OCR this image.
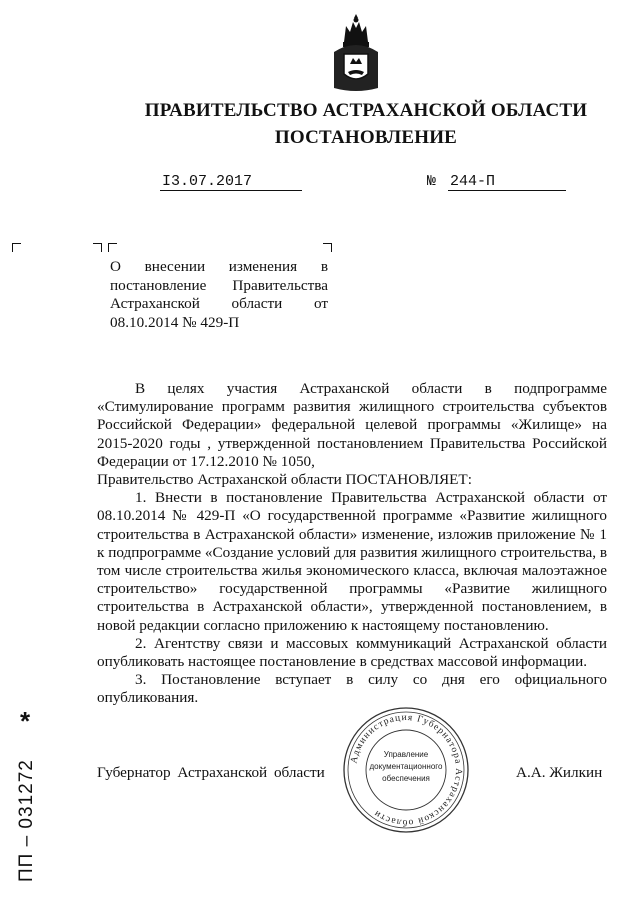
ПРАВИТЕЛЬСТВО АСТРАХАНСКОЙ ОБЛАСТИ
ПОСТАНОВЛЕНИЕ
I3.07.2017	№ 244-П
О внесении изменения в
постановление Правительства
Астраханской области от
08.10.2014 № 429-П

В целях участия Астраханской области в подпрограмме «Стимулирование программ развития жилищного строительства субъектов Российской Федерации» федеральной целевой программы «Жилище» на 2015-2020 годы , утвержденной постановлением Правительства Российской Федерации от 17.12.2010 № 1050,

Правительство Астраханской области ПОСТАНОВЛЯЕТ:

1. Внести в постановление Правительства Астраханской области от 08.10.2014 № 429-П «О государственной программе «Развитие жилищного строительства в Астраханской области» изменение, изложив приложение № 1 к подпрограмме «Создание условий для развития жилищного строительства, в том числе строительства жилья экономического класса, включая малоэтажное строительство» государственной программы «Развитие жилищного строительства в Астраханской области», утвержденной постановлением, в новой редакции согласно приложению к настоящему постановлению.

2. Агентству связи и массовых коммуникаций Астраханской области опубликовать настоящее постановление в средствах массовой информации.

3. Постановление вступает в силу со дня его официального опубликования.

Губернатор Астраханской области	А.А. Жилкин
Администрация Губернатора Астраханской области
Управление
документационного
обеспечения
*
ПП – 031272
